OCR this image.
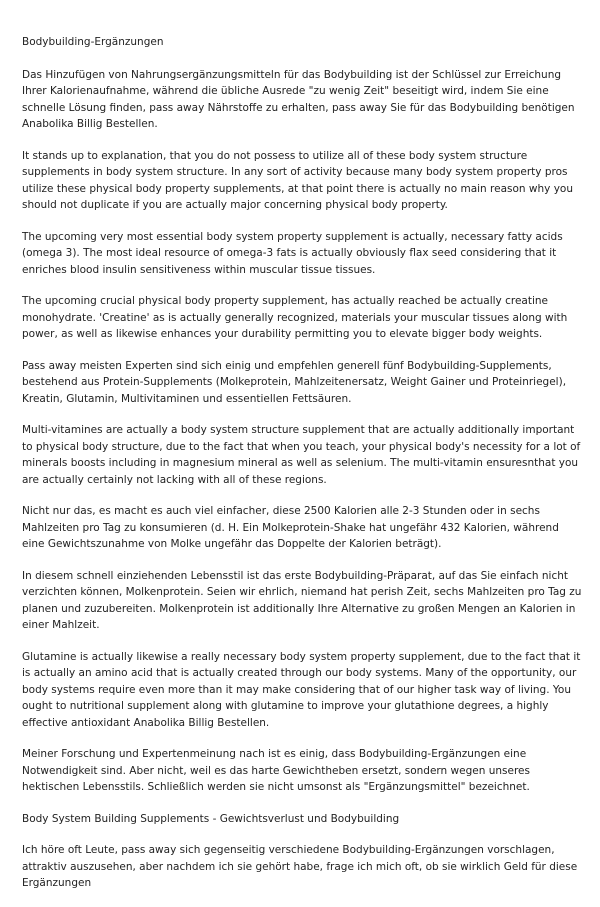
Bodybuilding-Ergänzungen

Das Hinzufügen von Nahrungsergänzungsmitteln für das Bodybuilding ist der Schlüssel zur Erreichung Ihrer Kalorienaufnahme, während die übliche Ausrede "zu wenig Zeit" beseitigt wird, indem Sie eine schnelle Lösung finden, pass away Nährstoffe zu erhalten, pass away Sie für das Bodybuilding benötigen Anabolika Billig Bestellen.

It stands up to explanation, that you do not possess to utilize all of these body system structure supplements in body system structure. In any sort of activity because many body system property pros utilize these physical body property supplements, at that point there is actually no main reason why you should not duplicate if you are actually major concerning physical body property.

The upcoming very most essential body system property supplement is actually, necessary fatty acids (omega 3). The most ideal resource of omega-3 fats is actually obviously flax seed considering that it enriches blood insulin sensitiveness within muscular tissue tissues.

The upcoming crucial physical body property supplement, has actually reached be actually creatine monohydrate. 'Creatine' as is actually generally recognized, materials your muscular tissues along with power, as well as likewise enhances your durability permitting you to elevate bigger body weights.

Pass away meisten Experten sind sich einig und empfehlen generell fünf Bodybuilding-Supplements, bestehend aus Protein-Supplements (Molkeprotein, Mahlzeitenersatz, Weight Gainer und Proteinriegel), Kreatin, Glutamin, Multivitaminen und essentiellen Fettsäuren.

Multi-vitamines are actually a body system structure supplement that are actually additionally important to physical body structure, due to the fact that when you teach, your physical body's necessity for a lot of minerals boosts including in magnesium mineral as well as selenium. The multi-vitamin ensuresnthat you are actually certainly not lacking with all of these regions.

Nicht nur das, es macht es auch viel einfacher, diese 2500 Kalorien alle 2-3 Stunden oder in sechs Mahlzeiten pro Tag zu konsumieren (d. H. Ein Molkeprotein-Shake hat ungefähr 432 Kalorien, während eine Gewichtszunahme von Molke ungefähr das Doppelte der Kalorien beträgt).

In diesem schnell einziehenden Lebensstil ist das erste Bodybuilding-Präparat, auf das Sie einfach nicht verzichten können, Molkenprotein. Seien wir ehrlich, niemand hat perish Zeit, sechs Mahlzeiten pro Tag zu planen und zuzubereiten. Molkenprotein ist additionally Ihre Alternative zu großen Mengen an Kalorien in einer Mahlzeit.

Glutamine is actually likewise a really necessary body system property supplement, due to the fact that it is actually an amino acid that is actually created through our body systems. Many of the opportunity, our body systems require even more than it may make considering that of our higher task way of living. You ought to nutritional supplement along with glutamine to improve your glutathione degrees, a highly effective antioxidant Anabolika Billig Bestellen.

Meiner Forschung und Expertenmeinung nach ist es einig, dass Bodybuilding-Ergänzungen eine Notwendigkeit sind. Aber nicht, weil es das harte Gewichtheben ersetzt, sondern wegen unseres hektischen Lebensstils. Schließlich werden sie nicht umsonst als "Ergänzungsmittel" bezeichnet.

Body System Building Supplements - Gewichtsverlust und Bodybuilding

Ich höre oft Leute, pass away sich gegenseitig verschiedene Bodybuilding-Ergänzungen vorschlagen, attraktiv auszusehen, aber nachdem ich sie gehört habe, frage ich mich oft, ob sie wirklich Geld für diese Ergänzungen
